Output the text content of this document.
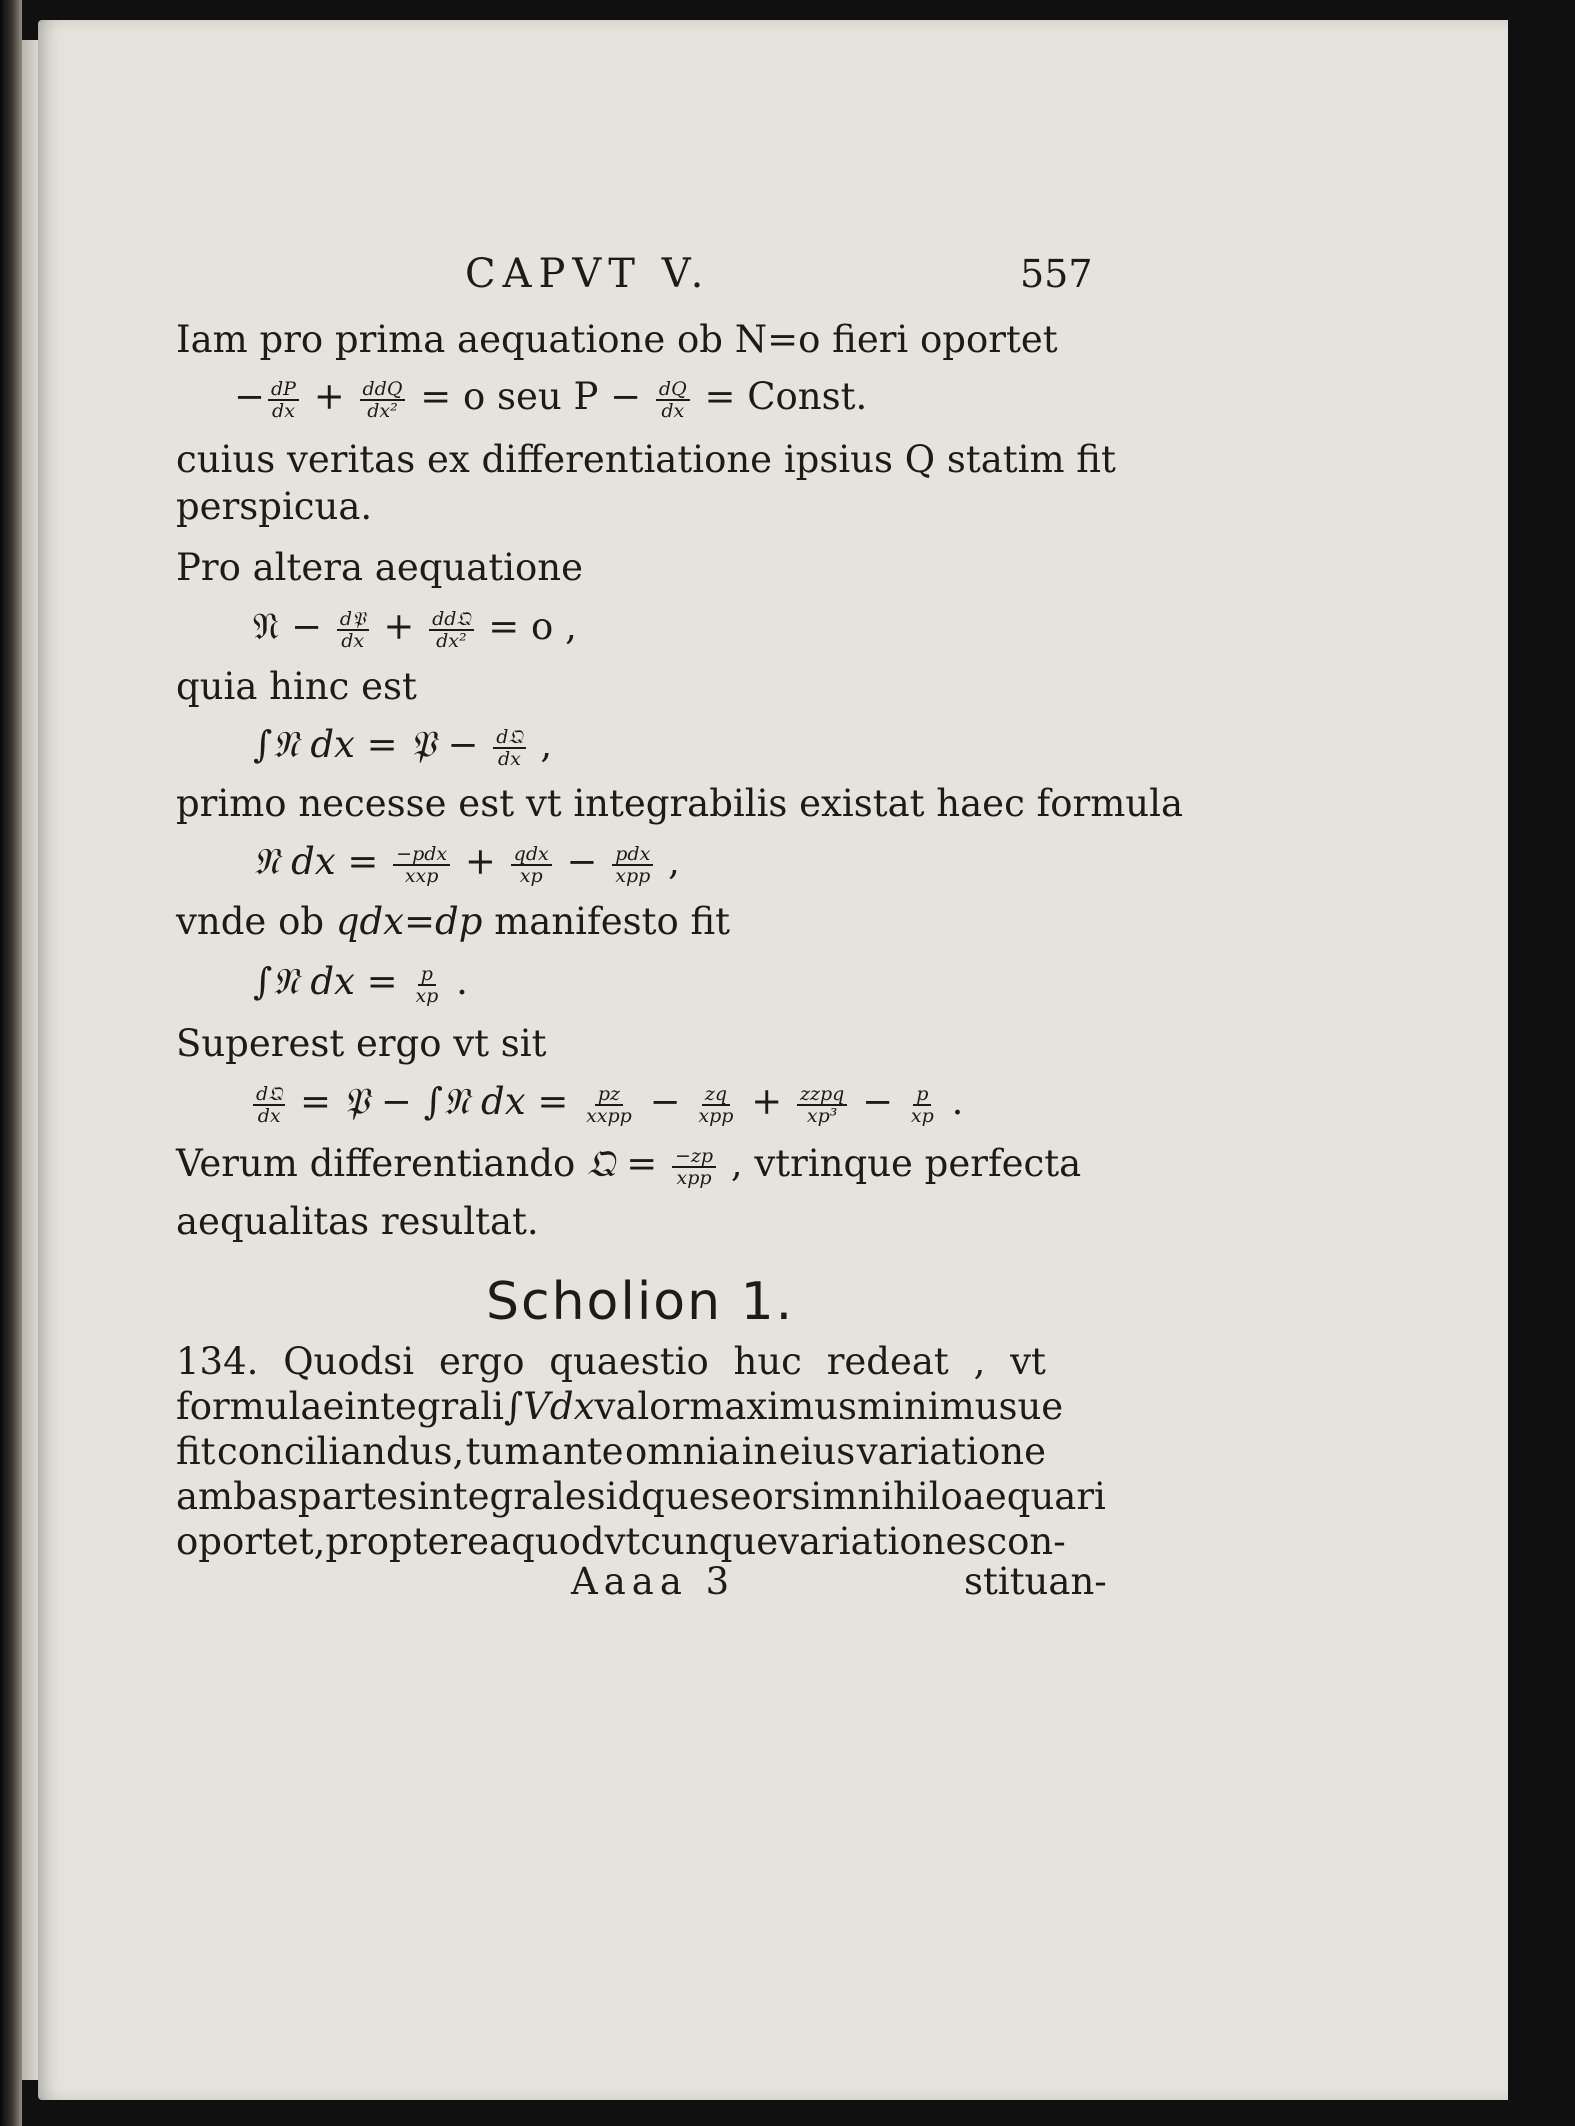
CAPVT V.	557
Iam pro prima aequatione ob N=o fieri oportet
− $\frac{dP}{dx} + \frac{\text{ddQ}}{\text{dx²}} = o$ seu $P - \frac{dQ}{dx}$ = Const.
cuius veritas ex differentiatione ipsius Q statim fit
perspicua.
Pro altera aequatione
𝔑 − $\frac{\text{d𝔓}}{dx} + \frac{\text{dd𝔔}}{\text{dx²}} = o$ ,
quia hinc est
∫𝔑 dx = 𝔓 − $\frac{\text{d𝔔}}{dx}$ ,
primo necesse est vt integrabilis existat haec formula
𝔑 dx = $\frac{\text{−pdx}}{\text{xxp}} + \frac{\text{qdx}}{xp} - \frac{\text{pdx}}{\text{xpp}}$ ,
vnde ob qdx=dp manifesto fit
∫𝔑 dx = $\frac{p}{xp}$ .
Superest ergo vt sit
$\frac{\text{d𝔔}}{dx}$ = 𝔓 − ∫𝔑 dx = $\frac{pz}{\text{xxpp}} - \frac{zq}{\text{xpp}} + \frac{\text{zzpq}}{\text{xp³}} - \frac{p}{xp}$ .
Verum differentiando 𝔔 = $\frac{-zp}{\text{xpp}}$ , vtrinque perfecta
aequalitas resultat.
Scholion 1.
134. Quodsi ergo quaestio huc redeat , vt
formulae integrali ∫Vdx valor maximus minimusue
fit conciliandus, tum ante omnia in eius variatione
ambas partes integrales idque seorsim nihilo aequari
oportet , propterea quod vtcunque variationes con-
Aaaa 3	stituan-
